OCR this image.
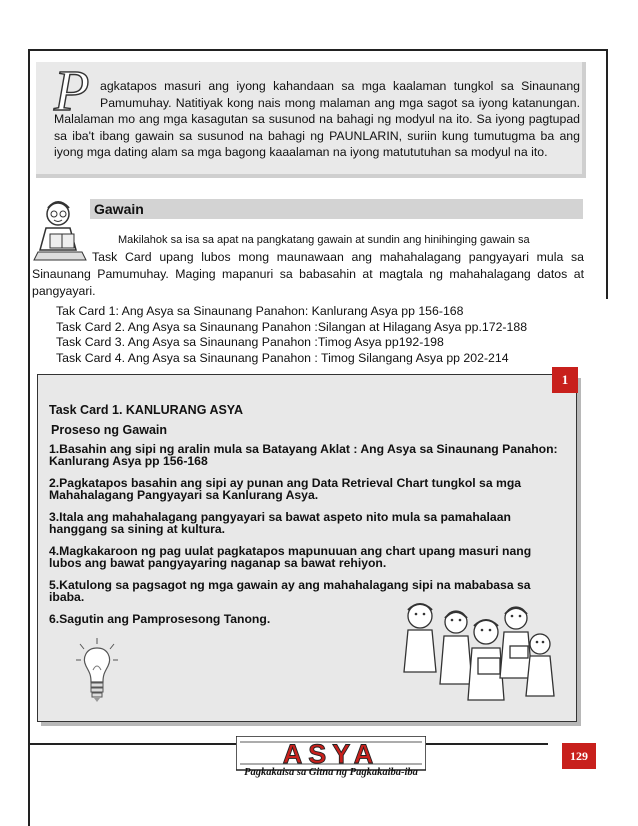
P agkatapos masuri ang iyong kahandaan sa mga kaalaman tungkol sa Sinaunang Pamumuhay. Natitiyak kong nais mong malaman ang mga sagot sa iyong katanungan. Malalaman mo ang mga kasagutan sa susunod na bahagi ng modyul na ito. Sa iyong pagtupad sa iba't ibang gawain sa susunod na bahagi ng PAUNLARIN, suriin kung tumutugma ba ang iyong mga dating alam sa mga bagong kaaalaman na iyong matututuhan sa modyul na ito.

Gawain

Makilahok sa isa sa apat na pangkatang gawain at sundin ang hinihinging gawain sa
Task Card upang lubos mong maunawaan ang mahahalagang pangyayari mula sa Sinaunang Pamumuhay. Maging mapanuri sa babasahin at magtala ng mahahalagang datos at pangyayari.

Tak Card 1: Ang Asya sa Sinaunang Panahon: Kanlurang Asya pp 156-168
Task Card 2. Ang Asya sa Sinaunang Panahon :Silangan at Hilagang Asya pp.172-188
Task Card 3. Ang Asya sa Sinaunang Panahon :Timog Asya pp192-198
Task Card 4. Ang Asya sa Sinaunang Panahon : Timog Silangang Asya pp 202-214
1
Task Card 1. KANLURANG ASYA
Proseso ng Gawain
1.Basahin ang sipi ng aralin mula sa Batayang Aklat : Ang Asya sa Sinaunang Panahon: Kanlurang Asya pp 156-168
2.Pagkatapos basahin ang sipi ay punan ang Data Retrieval Chart tungkol sa mga Mahahalagang Pangyayari sa Kanlurang Asya.
3.Itala ang mahahalagang pangyayari sa bawat aspeto nito mula sa pamahalaan hanggang sa sining at kultura.
4.Magkakaroon ng pag uulat pagkatapos mapunuuan ang chart upang masuri nang lubos ang bawat pangyayaring naganap sa bawat rehiyon.
5.Katulong sa pagsagot ng mga gawain ay ang mahahalagang sipi na mababasa sa ibaba.
6.Sagutin ang Pamprosesong Tanong.
ASYA
Pagkakaisa sa Gitna ng Pagkakaiba-iba
129
